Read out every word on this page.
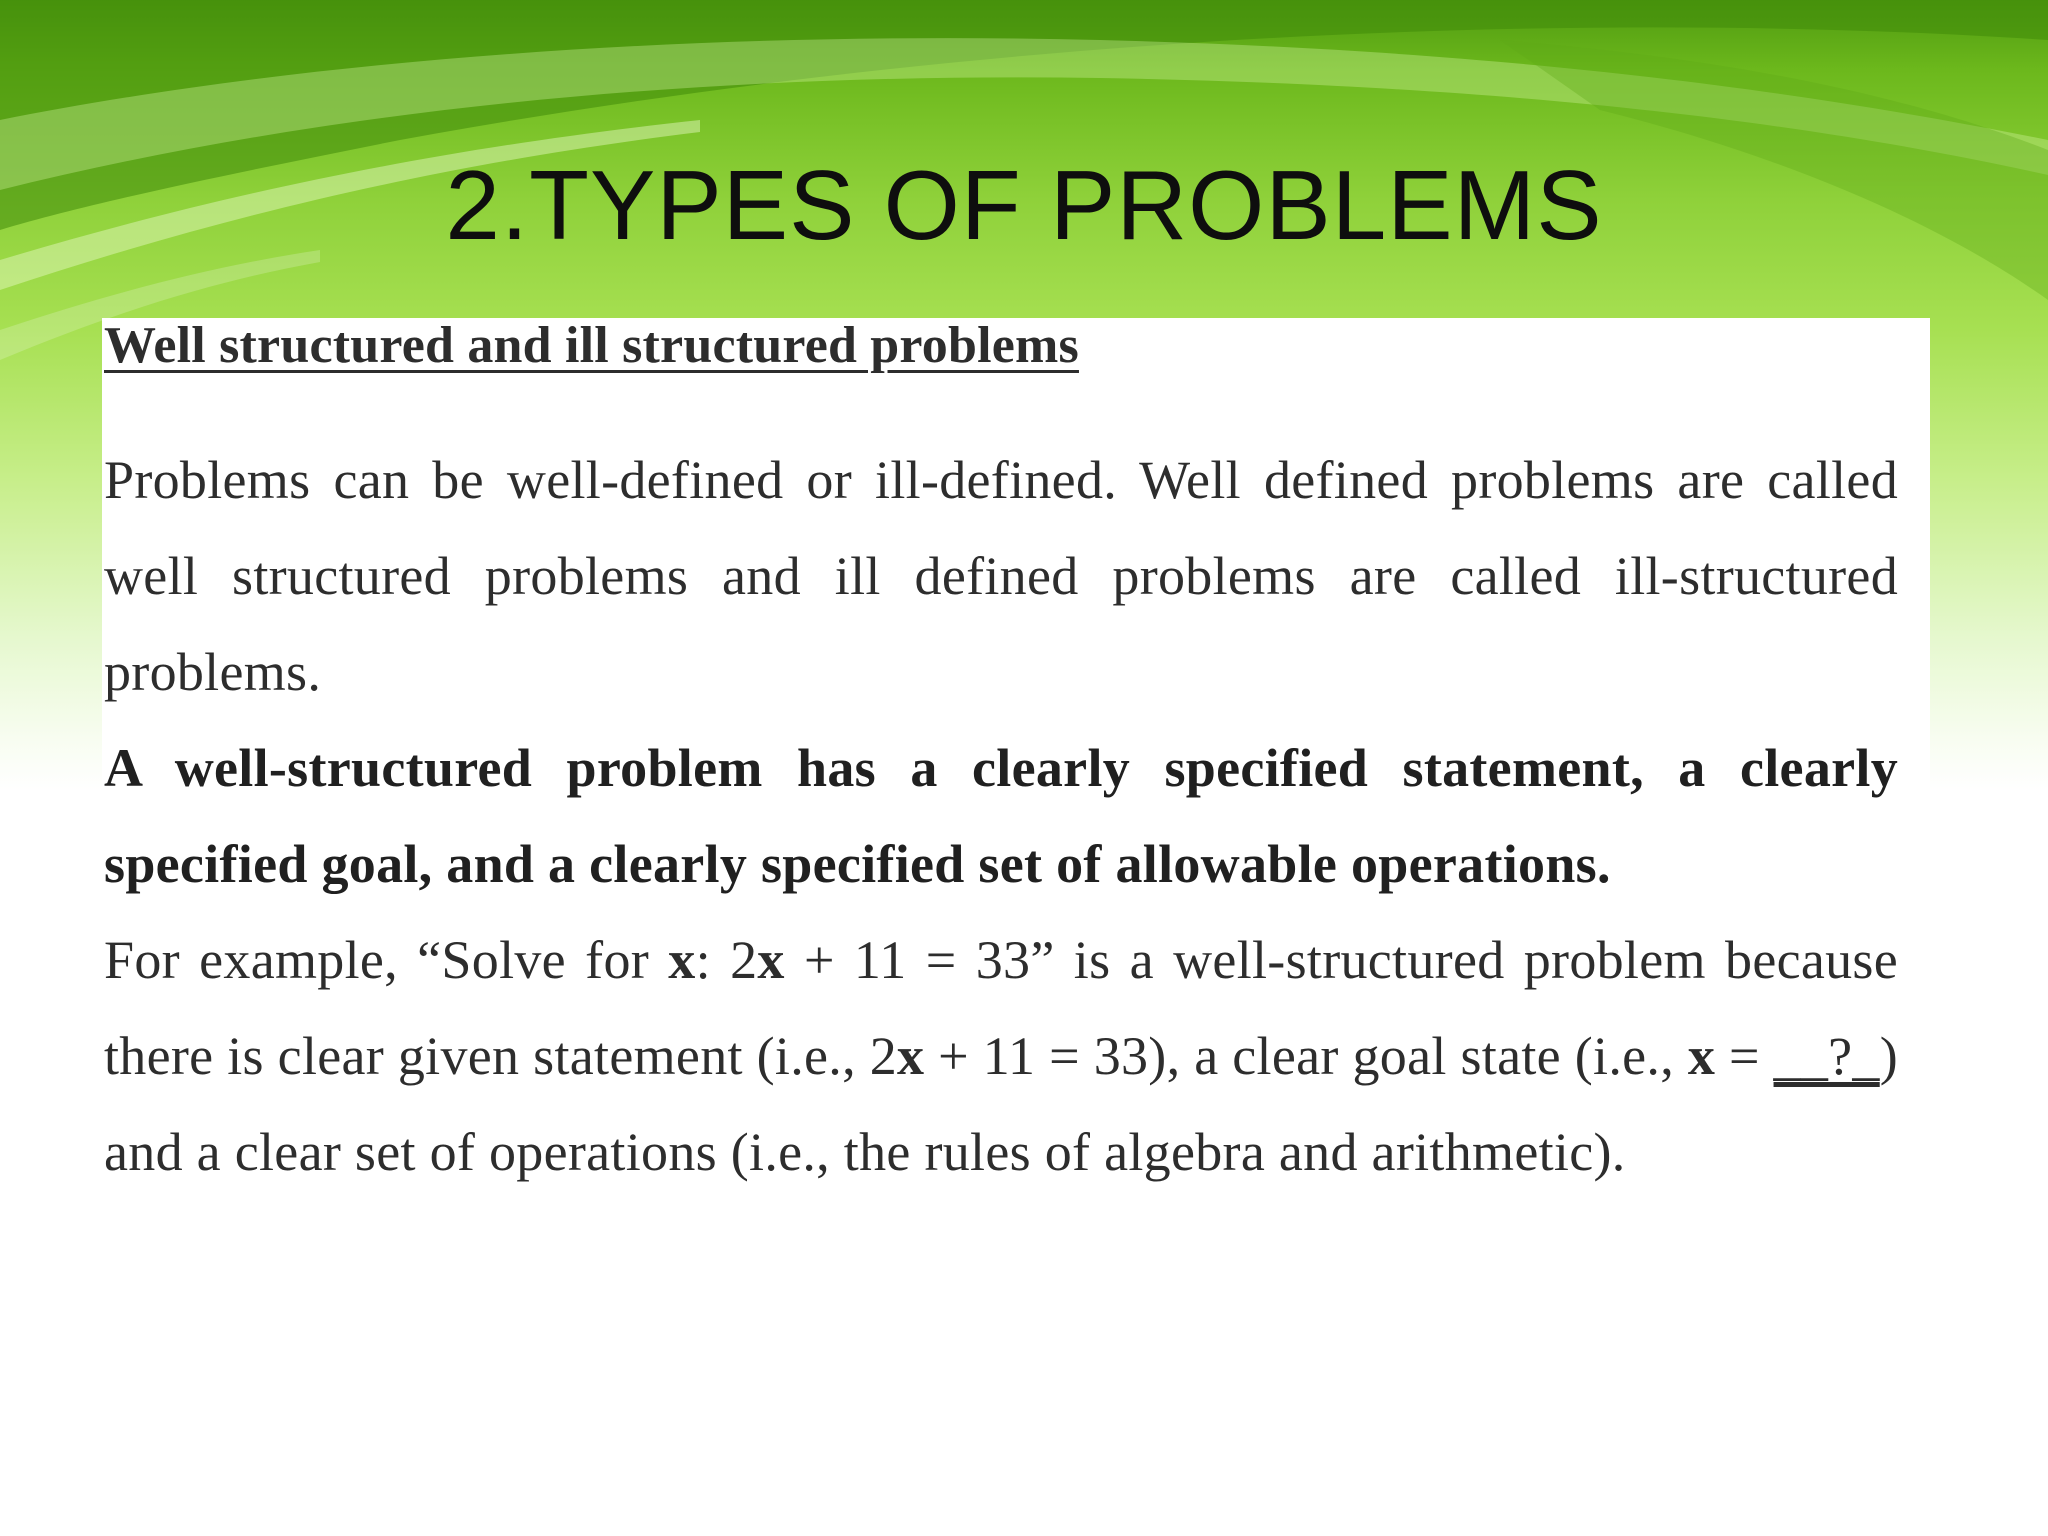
2.TYPES OF PROBLEMS

Well structured and ill structured problems

Problems can be well-defined or ill-defined. Well defined problems are called well structured problems and ill defined problems are called ill-structured problems.

A well-structured problem has a clearly specified statement, a clearly specified goal, and a clearly specified set of allowable operations.

For example, “Solve for x: 2x + 11 = 33” is a well-structured problem because there is clear given statement (i.e., 2x + 11 = 33), a clear goal state (i.e., x = __?_) and a clear set of operations (i.e., the rules of algebra and arithmetic).
